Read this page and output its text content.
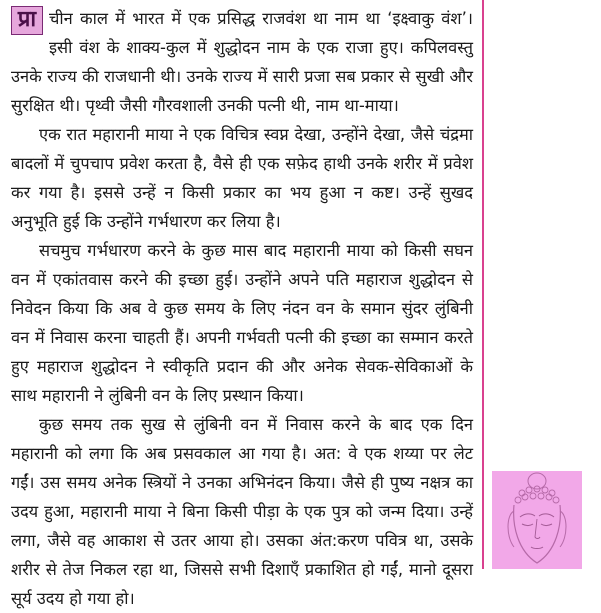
प्रा चीन काल में भारत में एक प्रसिद्ध राजवंश था नाम था ‘इक्ष्वाकु वंश’। इसी वंश के शाक्य-कुल में शुद्धोदन नाम के एक राजा हुए। कपिलवस्तु उनके राज्य की राजधानी थी। उनके राज्य में सारी प्रजा सब प्रकार से सुखी और सुरक्षित थी। पृथ्वी जैसी गौरवशाली उनकी पत्नी थी, नाम था-माया।

एक रात महारानी माया ने एक विचित्र स्वप्न देखा, उन्होंने देखा, जैसे चंद्रमा बादलों में चुपचाप प्रवेश करता है, वैसे ही एक सफ़ेद हाथी उनके शरीर में प्रवेश कर गया है। इससे उन्हें न किसी प्रकार का भय हुआ न कष्ट। उन्हें सुखद अनुभूति हुई कि उन्होंने गर्भधारण कर लिया है।

सचमुच गर्भधारण करने के कुछ मास बाद महारानी माया को किसी सघन वन में एकांतवास करने की इच्छा हुई। उन्होंने अपने पति महाराज शुद्धोदन से निवेदन किया कि अब वे कुछ समय के लिए नंदन वन के समान सुंदर लुंबिनी वन में निवास करना चाहती हैं। अपनी गर्भवती पत्नी की इच्छा का सम्मान करते हुए महाराज शुद्धोदन ने स्वीकृति प्रदान की और अनेक सेवक-सेविकाओं के साथ महारानी ने लुंबिनी वन के लिए प्रस्थान किया।

कुछ समय तक सुख से लुंबिनी वन में निवास करने के बाद एक दिन महारानी को लगा कि अब प्रसवकाल आ गया है। अत: वे एक शय्या पर लेट गईं। उस समय अनेक स्त्रियों ने उनका अभिनंदन किया। जैसे ही पुष्य नक्षत्र का उदय हुआ, महारानी माया ने बिना किसी पीड़ा के एक पुत्र को जन्म दिया। उन्हें लगा, जैसे वह आकाश से उतर आया हो। उसका अंत:करण पवित्र था, उसके शरीर से तेज निकल रहा था, जिससे सभी दिशाएँ प्रकाशित हो गईं, मानो दूसरा सूर्य उदय हो गया हो।
